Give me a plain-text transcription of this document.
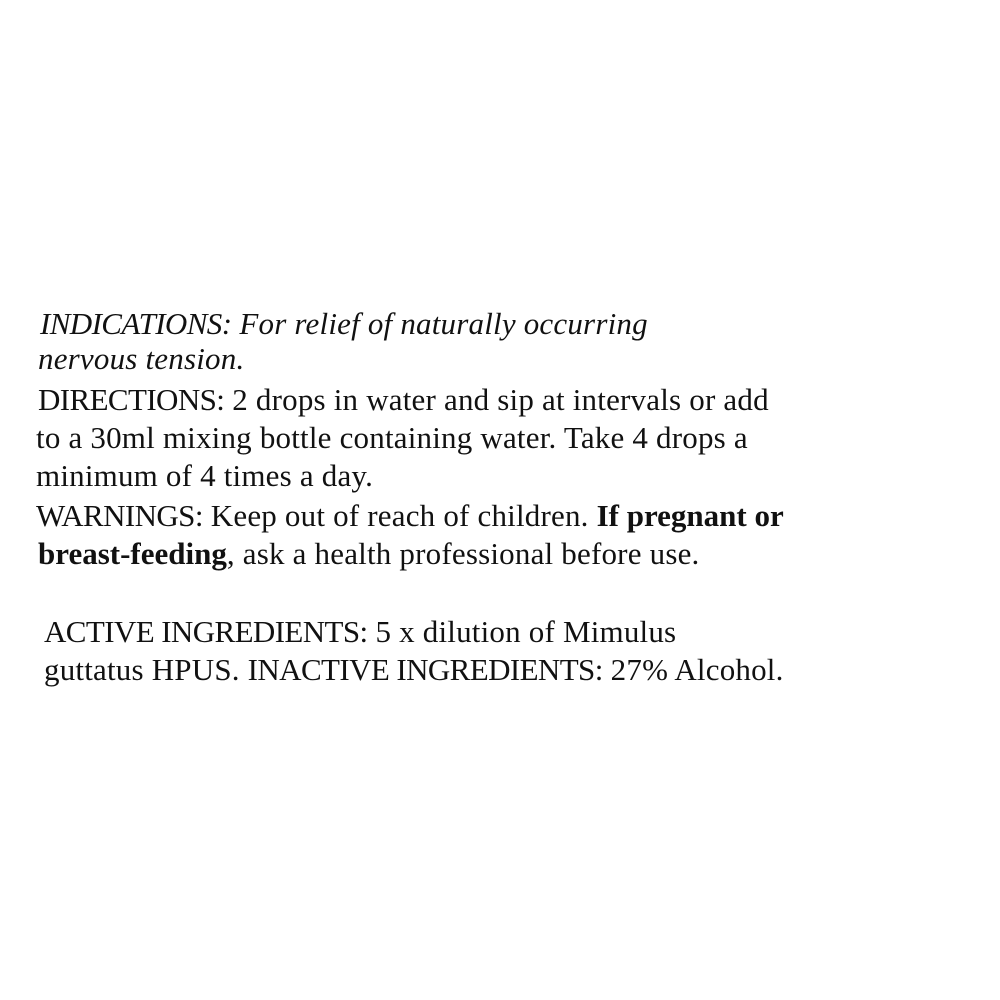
INDICATIONS: For relief of naturally occurring
nervous tension.
DIRECTIONS: 2 drops in water and sip at intervals or add
to a 30ml mixing bottle containing water. Take 4 drops a
minimum of 4 times a day.
WARNINGS: Keep out of reach of children. If pregnant or
breast-feeding, ask a health professional before use.
ACTIVE INGREDIENTS: 5 x dilution of Mimulus
guttatus HPUS. INACTIVE INGREDIENTS: 27% Alcohol.
